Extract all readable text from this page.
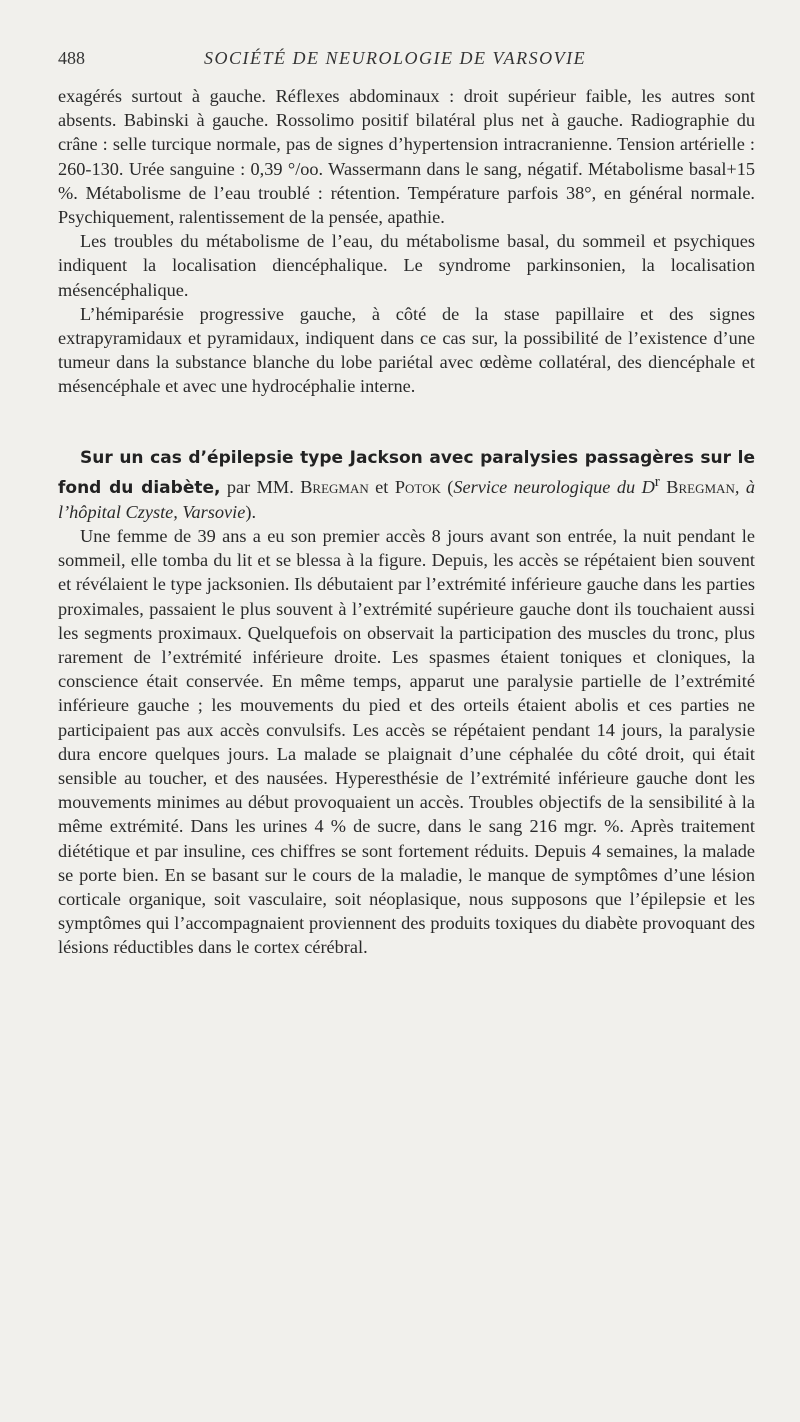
488	SOCIÉTÉ DE NEUROLOGIE DE VARSOVIE

exagérés surtout à gauche. Réflexes abdominaux : droit supérieur faible, les autres sont absents. Babinski à gauche. Rossolimo positif bilatéral plus net à gauche. Radiographie du crâne : selle turcique normale, pas de signes d’hypertension intracranienne. Tension artérielle : 260-130. Urée sanguine : 0,39 °/oo. Wassermann dans le sang, négatif. Métabolisme basal+15 %. Métabolisme de l’eau troublé : rétention. Température parfois 38°, en général normale. Psychiquement, ralentissement de la pensée, apathie.

Les troubles du métabolisme de l’eau, du métabolisme basal, du sommeil et psychiques indiquent la localisation diencéphalique. Le syndrome parkinsonien, la localisation mésencéphalique.

L’hémiparésie progressive gauche, à côté de la stase papillaire et des signes extrapyramidaux et pyramidaux, indiquent dans ce cas sur, la possibilité de l’existence d’une tumeur dans la substance blanche du lobe pariétal avec œdème collatéral, des diencéphale et mésencéphale et avec une hydrocéphalie interne.

Sur un cas d’épilepsie type Jackson avec paralysies passagères sur le fond du diabète, par MM. Bregman et Potok (Service neurologique du $D^r$ Bregman, à l’hôpital Czyste, Varsovie).

Une femme de 39 ans a eu son premier accès 8 jours avant son entrée, la nuit pendant le sommeil, elle tomba du lit et se blessa à la figure. Depuis, les accès se répétaient bien souvent et révélaient le type jacksonien. Ils débutaient par l’extrémité inférieure gauche dans les parties proximales, passaient le plus souvent à l’extrémité supérieure gauche dont ils touchaient aussi les segments proximaux. Quelquefois on observait la participation des muscles du tronc, plus rarement de l’extrémité inférieure droite. Les spasmes étaient toniques et cloniques, la conscience était conservée. En même temps, apparut une paralysie partielle de l’extrémité inférieure gauche ; les mouvements du pied et des orteils étaient abolis et ces parties ne participaient pas aux accès convulsifs. Les accès se répétaient pendant 14 jours, la paralysie dura encore quelques jours. La malade se plaignait d’une céphalée du côté droit, qui était sensible au toucher, et des nausées. Hyperesthésie de l’extrémité inférieure gauche dont les mouvements minimes au début provoquaient un accès. Troubles objectifs de la sensibilité à la même extrémité. Dans les urines 4 % de sucre, dans le sang 216 mgr. %. Après traitement diététique et par insuline, ces chiffres se sont fortement réduits. Depuis 4 semaines, la malade se porte bien. En se basant sur le cours de la maladie, le manque de symptômes d’une lésion corticale organique, soit vasculaire, soit néoplasique, nous supposons que l’épilepsie et les symptômes qui l’accompagnaient proviennent des produits toxiques du diabète provoquant des lésions réductibles dans le cortex cérébral.
